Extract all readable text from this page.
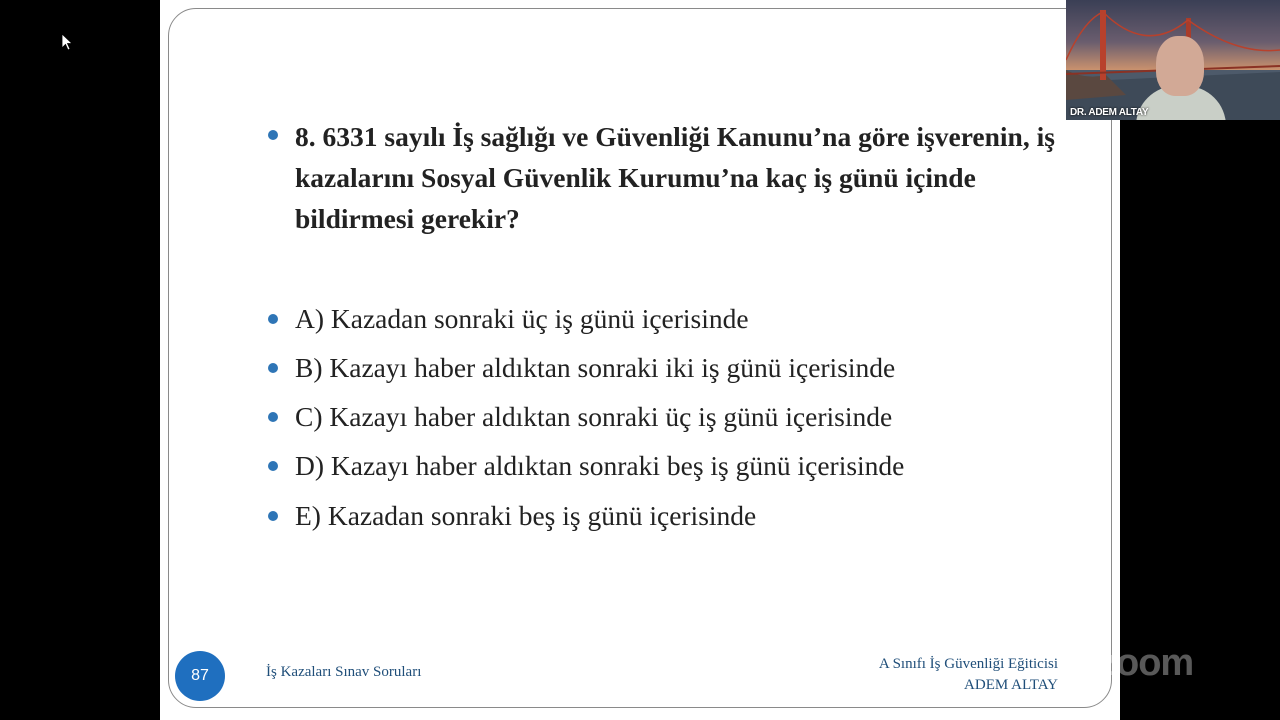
8. 6331 sayılı İş sağlığı ve Güvenliği Kanunu’na göre işverenin, iş kazalarını Sosyal Güvenlik Kurumu’na kaç iş günü içinde bildirmesi gerekir?
A) Kazadan sonraki üç iş günü içerisinde
B) Kazayı haber aldıktan sonraki iki iş günü içerisinde
C) Kazayı haber aldıktan sonraki üç iş günü içerisinde
D) Kazayı haber aldıktan sonraki beş iş günü içerisinde
E) Kazadan sonraki beş iş günü içerisinde
87	İş Kazaları Sınav Soruları	A Sınıfı İş Güvenliği Eğiticisi
ADEM ALTAY
DR. ADEM ALTAY
zoom
